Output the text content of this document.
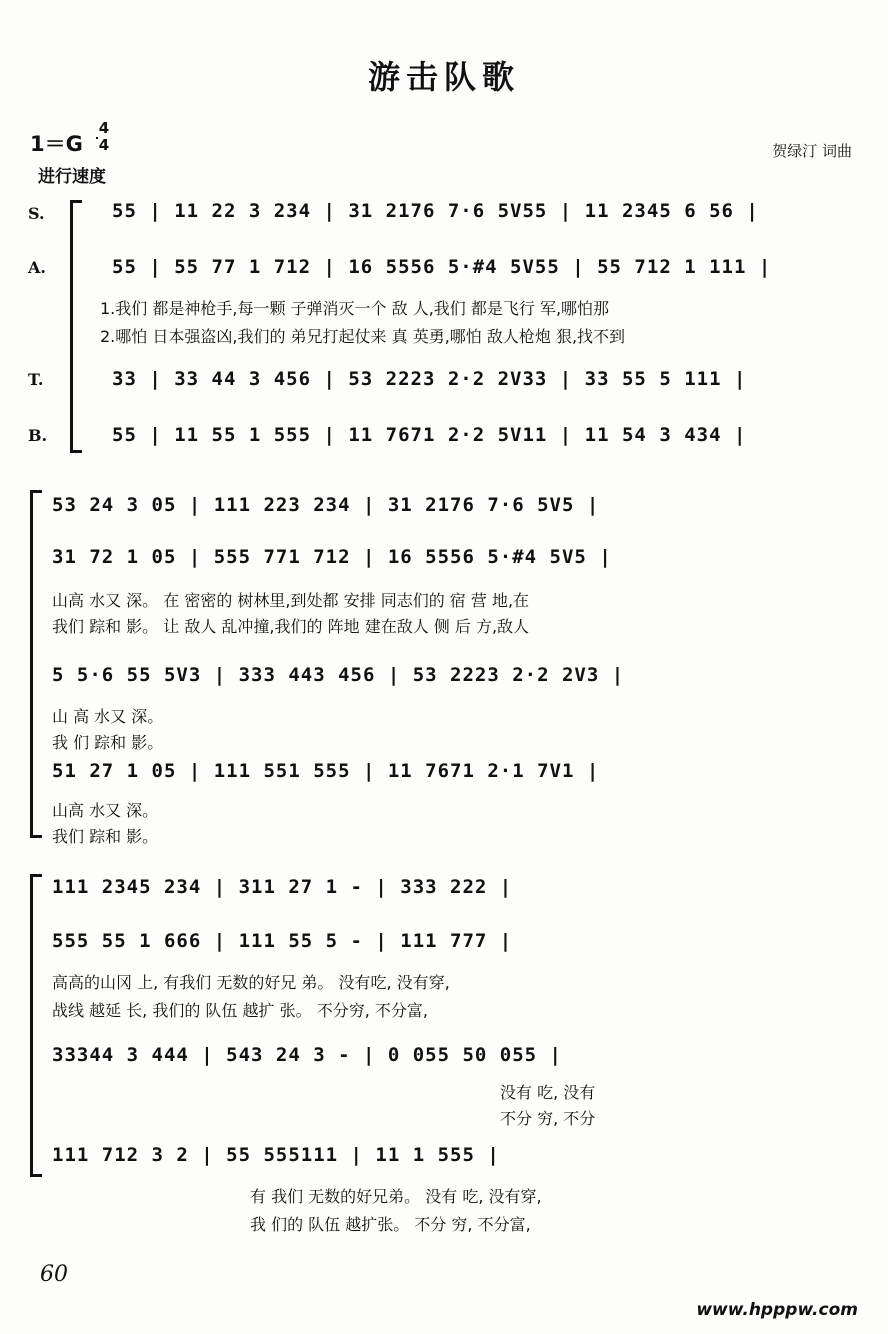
游击队歌
1＝G
4
4
进行速度
贺绿汀 词曲
S.
A.
T.
B.
55 | 11 22 3 234 | 31 2176 7·6 5V55 | 11 2345 6 56 |
55 | 55 77 1 712 | 16 5556 5·#4 5V55 | 55 712 1 111 |
1.我们 都是神枪手,每一颗 子弹消灭一个 敌 人,我们 都是飞行 军,哪怕那
2.哪怕 日本强盗凶,我们的 弟兄打起仗来 真 英勇,哪怕 敌人枪炮 狠,找不到
33 | 33 44 3 456 | 53 2223 2·2 2V33 | 33 55 5 111 |
55 | 11 55 1 555 | 11 7671 2·2 5V11 | 11 54 3 434 |
53 24 3 05 | 111 223 234 | 31 2176 7·6 5V5 |
31 72 1 05 | 555 771 712 | 16 5556 5·#4 5V5 |
山高 水又 深。 在 密密的 树林里,到处都 安排 同志们的 宿 营 地,在
我们 踪和 影。 让 敌人 乱冲撞,我们的 阵地 建在敌人 侧 后 方,敌人
5 5·6 55 5V3 | 333 443 456 | 53 2223 2·2 2V3 |
山 高 水又 深。
我 们 踪和 影。
51 27 1 05 | 111 551 555 | 11 7671 2·1 7V1 |
山高 水又 深。
我们 踪和 影。
111 2345 234 | 311 27 1 - | 333 222 |
555 55 1 666 | 111 55 5 - | 111 777 |
高高的山冈 上, 有我们 无数的好兄 弟。 没有吃, 没有穿,
战线 越延 长, 我们的 队伍 越扩 张。 不分穷, 不分富,
33344 3 444 | 543 24 3 - | 0 055 50 055 |
没有 吃, 没有
不分 穷, 不分
111 712 3 2 | 55 555111 | 11 1 555 |
有 我们 无数的好兄弟。 没有 吃, 没有穿,
我 们的 队伍 越扩张。 不分 穷, 不分富,
60
www.hpppw.com
